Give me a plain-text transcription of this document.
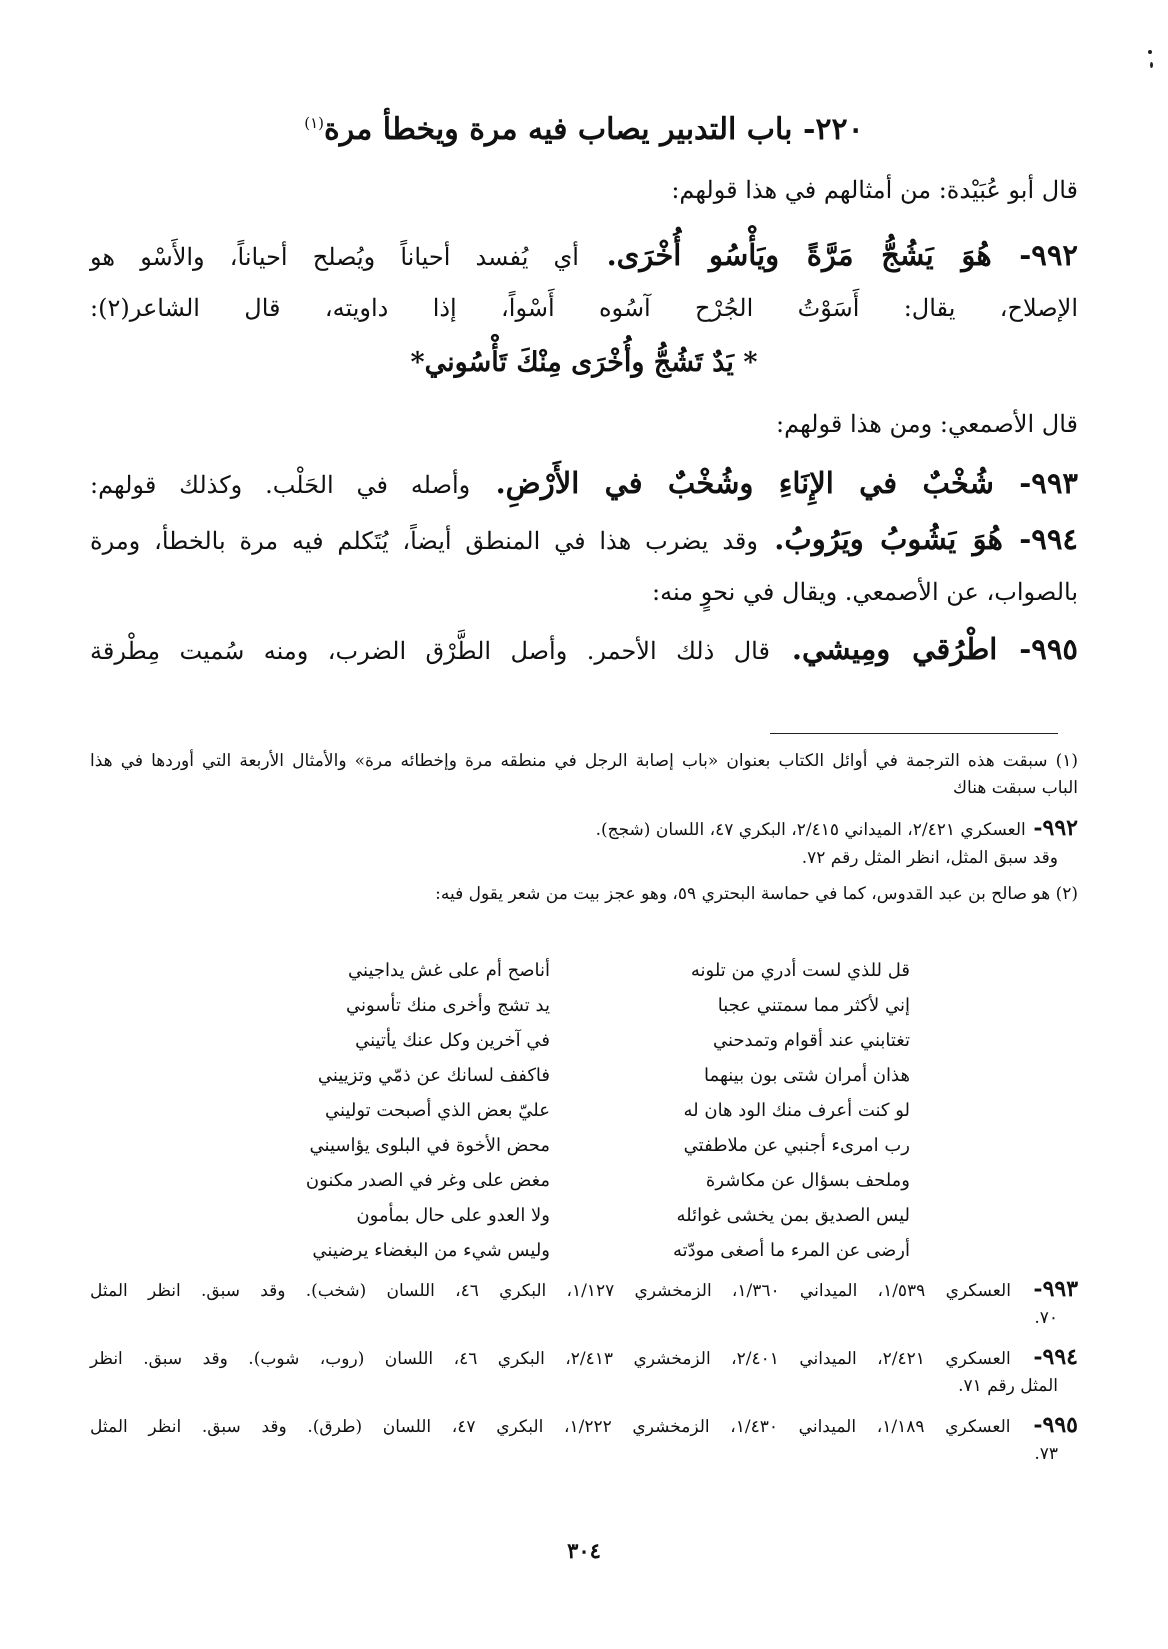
٢٢٠- باب التدبير يصاب فيه مرة ويخطأ مرة$^{(١)}$
قال أبو عُبَيْدة: من أمثالهم في هذا قولهم:
٩٩٢- هُوَ يَشُجُّ مَرَّةً ويَأْسُو أُخْرَى. أي يُفسد أحياناً ويُصلح أحياناً، والأَسْو هو
الإصلاح، يقال: أَسَوْتُ الجُرْح آسُوه أَسْواً، إذا داويته، قال الشاعر(٢):
* يَدٌ تَشُجُّ وأُخْرَى مِنْكَ تَأْسُوني*
قال الأصمعي: ومن هذا قولهم:
٩٩٣- شُخْبٌ في الإِنَاءِ وشُخْبٌ في الأَرْضِ. وأصله في الحَلْب. وكذلك قولهم:
٩٩٤- هُوَ يَشُوبُ ويَرُوبُ. وقد يضرب هذا في المنطق أيضاً، يُتَكلم فيه مرة بالخطأ، ومرة
بالصواب، عن الأصمعي. ويقال في نحوٍ منه:
٩٩٥- اطْرُقي ومِيشي. قال ذلك الأحمر. وأصل الطَّرْق الضرب، ومنه سُميت مِطْرقة
(١) سبقت هذه الترجمة في أوائل الكتاب بعنوان «باب إصابة الرجل في منطقه مرة وإخطائه مرة» والأمثال الأربعة التي أوردها في هذا
الباب سبقت هناك
٩٩٢- العسكري ٢/٤٢١، الميداني ٢/٤١٥، البكري ٤٧، اللسان (شجج).
وقد سبق المثل، انظر المثل رقم ٧٢.
(٢) هو صالح بن عبد القدوس، كما في حماسة البحتري ٥٩، وهو عجز بيت من شعر يقول فيه:
قل للذي لست أدري من تلونه
أناصح أم على غش يداجيني
إني لأكثر مما سمتني عجبا
يد تشج وأخرى منك تأسوني
تغتابني عند أقوام وتمدحني
في آخرين وكل عنك يأتيني
هذان أمران شتى بون بينهما
فاكفف لسانك عن ذمّي وتزييني
لو كنت أعرف منك الود هان له
عليّ بعض الذي أصبحت توليني
رب امرىء أجنبي عن ملاطفتي
محض الأخوة في البلوى يؤاسيني
وملحف بسؤال عن مكاشرة
مغض على وغر في الصدر مكنون
ليس الصديق بمن يخشى غوائله
ولا العدو على حال بمأمون
أرضى عن المرء ما أصغى مودّته
وليس شيء من البغضاء يرضيني
٩٩٣- العسكري ١/٥٣٩، الميداني ١/٣٦٠، الزمخشري ١/١٢٧، البكري ٤٦، اللسان (شخب). وقد سبق. انظر المثل
٧٠.
٩٩٤- العسكري ٢/٤٢١، الميداني ٢/٤٠١، الزمخشري ٢/٤١٣، البكري ٤٦، اللسان (روب، شوب). وقد سبق. انظر
المثل رقم ٧١.
٩٩٥- العسكري ١/١٨٩، الميداني ١/٤٣٠، الزمخشري ١/٢٢٢، البكري ٤٧، اللسان (طرق). وقد سبق. انظر المثل
٧٣.
٣٠٤
